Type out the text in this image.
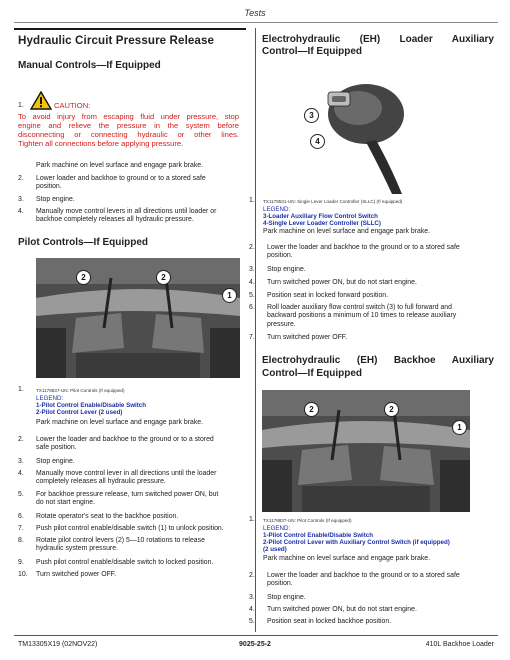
Tests
Hydraulic Circuit Pressure Release
Manual Controls—If Equipped
1.	CAUTION:
To avoid injury from escaping fluid under pressure, stop
engine and relieve the pressure in the system before
disconnecting or connecting hydraulic or other lines.
Tighten all connections before applying pressure.
Park machine on level surface and engage park brake.
2. Lower loader and backhoe to ground or to a stored safe
position.
3. Stop engine.
4. Manually move control levers in all directions until loader or
backhoe completely releases all hydraulic pressure.
Pilot Controls—If Equipped
2	2
1
1.	TX1178837-UN: Pilot Controls (If equipped)
LEGEND:
1-Pilot Control Enable/Disable Switch
2-Pilot Control Lever (2 used)
Park machine on level surface and engage park brake.
2. Lower the loader and backhoe to the ground or to a stored
safe position.
3. Stop engine.
4. Manually move control lever in all directions until the loader
completely releases all hydraulic pressure.
5. For backhoe pressure release, turn switched power ON, but
do not start engine.
6. Rotate operator's seat to the backhoe position.
7. Push pilot control enable/disable switch (1) to unlock position.
8. Rotate pilot control levers (2) 5—10 rotations to release
hydraulic system pressure.
9. Push pilot control enable/disable switch to locked position.
10. Turn switched power OFF.
Electrohydraulic (EH) Loader Auxiliary
Control—If Equipped
3
4
1. TX1178531-UN: Single Lever Loader Controller (SLLC) (If equipped)
LEGEND:
3-Loader Auxiliary Flow Control Switch
4-Single Lever Loader Controller (SLLC)
Park machine on level surface and engage park brake.
2. Lower the loader and backhoe to the ground or to a stored safe
position.
3. Stop engine.
4. Turn switched power ON, but do not start engine.
5. Position seat in locked forward position.
6. Roll loader auxiliary flow control switch (3) to full forward and
backward positions a minimum of 10 times to release auxiliary
pressure.
7. Turn switched power OFF.
Electrohydraulic (EH) Backhoe Auxiliary
Control—If Equipped
2	2
1
1. TX1178837-UN: Pilot Controls (If equipped)
LEGEND:
1-Pilot Control Enable/Disable Switch
2-Pilot Control Lever with Auxiliary Control Switch (if equipped)
(2 used)
Park machine on level surface and engage park brake.
2. Lower the loader and backhoe to the ground or to a stored safe
position.
3. Stop engine.
4. Turn switched power ON, but do not start engine.
5. Position seat in locked backhoe position.
TM13305X19 (02NOV22)	9025-25-2	410L Backhoe Loader
